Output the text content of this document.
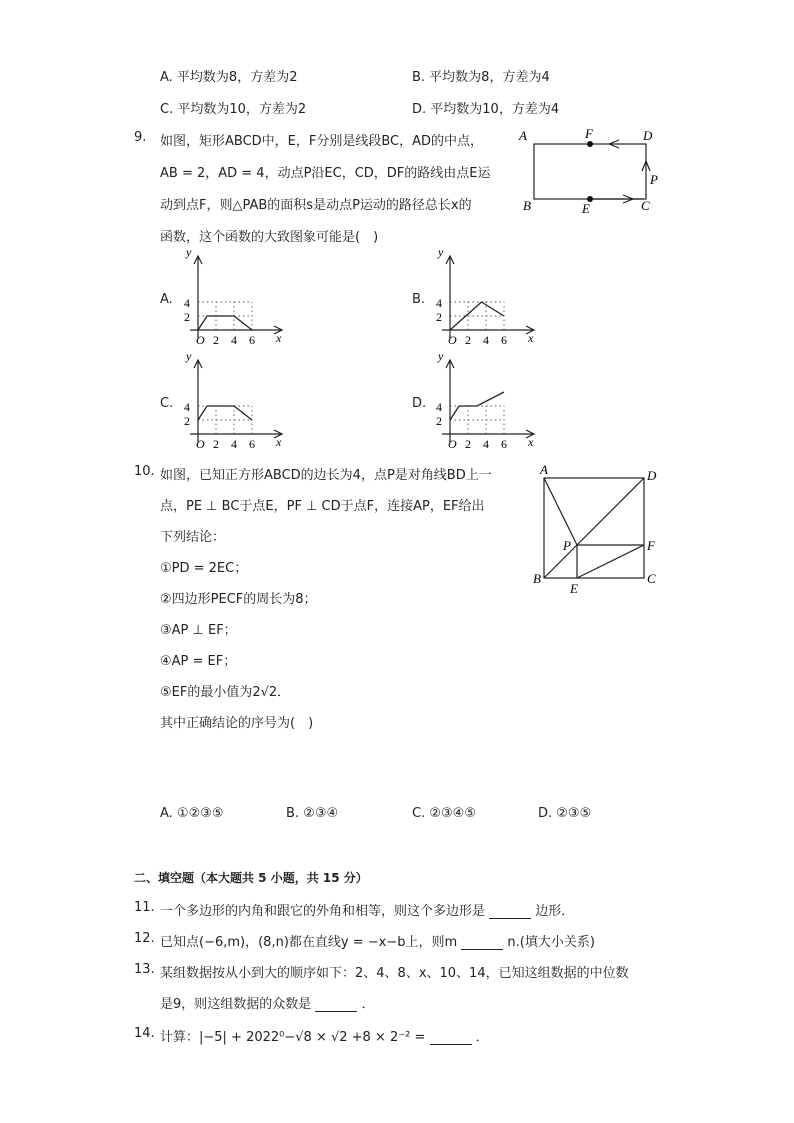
A. 平均数为8，方差为2	B. 平均数为8，方差为4
C. 平均数为10，方差为2	D. 平均数为10，方差为4
9. 如图，矩形ABCD中，E，F分别是线段BC，AD的中点，
AB = 2，AD = 4，动点P沿EC，CD，DF的路线由点E运
动到点F，则△PAB的面积s是动点P运动的路径总长x的
函数，这个函数的大致图象可能是(　)
A	F	D
P
B	E	C
A.	B.
C.	D.
y
x
O
2
4
2 4 6
y
x
O
2
4
2 4 6
y
x
O
2
4
2 4 6
y
x
O
2
4
2 4 6
10. 如图，已知正方形ABCD的边长为4，点P是对角线BD上一
点，PE ⊥ BC于点E，PF ⊥ CD于点F，连接AP，EF给出
下列结论：
①PD = 2EC；
②四边形PECF的周长为8；
③AP ⊥ EF；
④AP = EF；
⑤EF的最小值为2√2．
其中正确结论的序号为(　)
A	D
P	F
B
E
C
A. ①②③⑤	B. ②③④	C. ②③④⑤	D. ②③⑤
二、填空题（本大题共 5 小题，共 15 分）
11. 一个多边形的内角和跟它的外角和相等，则这个多边形是	边形．
12. 已知点(−6,m)，(8,n)都在直线y = −x−b上，则m	n.(填大小关系)
13. 某组数据按从小到大的顺序如下：2、4、8、x、10、14，已知这组数据的中位数
是9，则这组数据的众数是	．
14. 计算：|−5| + 2022⁰−√8 × √2 +8 × 2⁻² =	．
